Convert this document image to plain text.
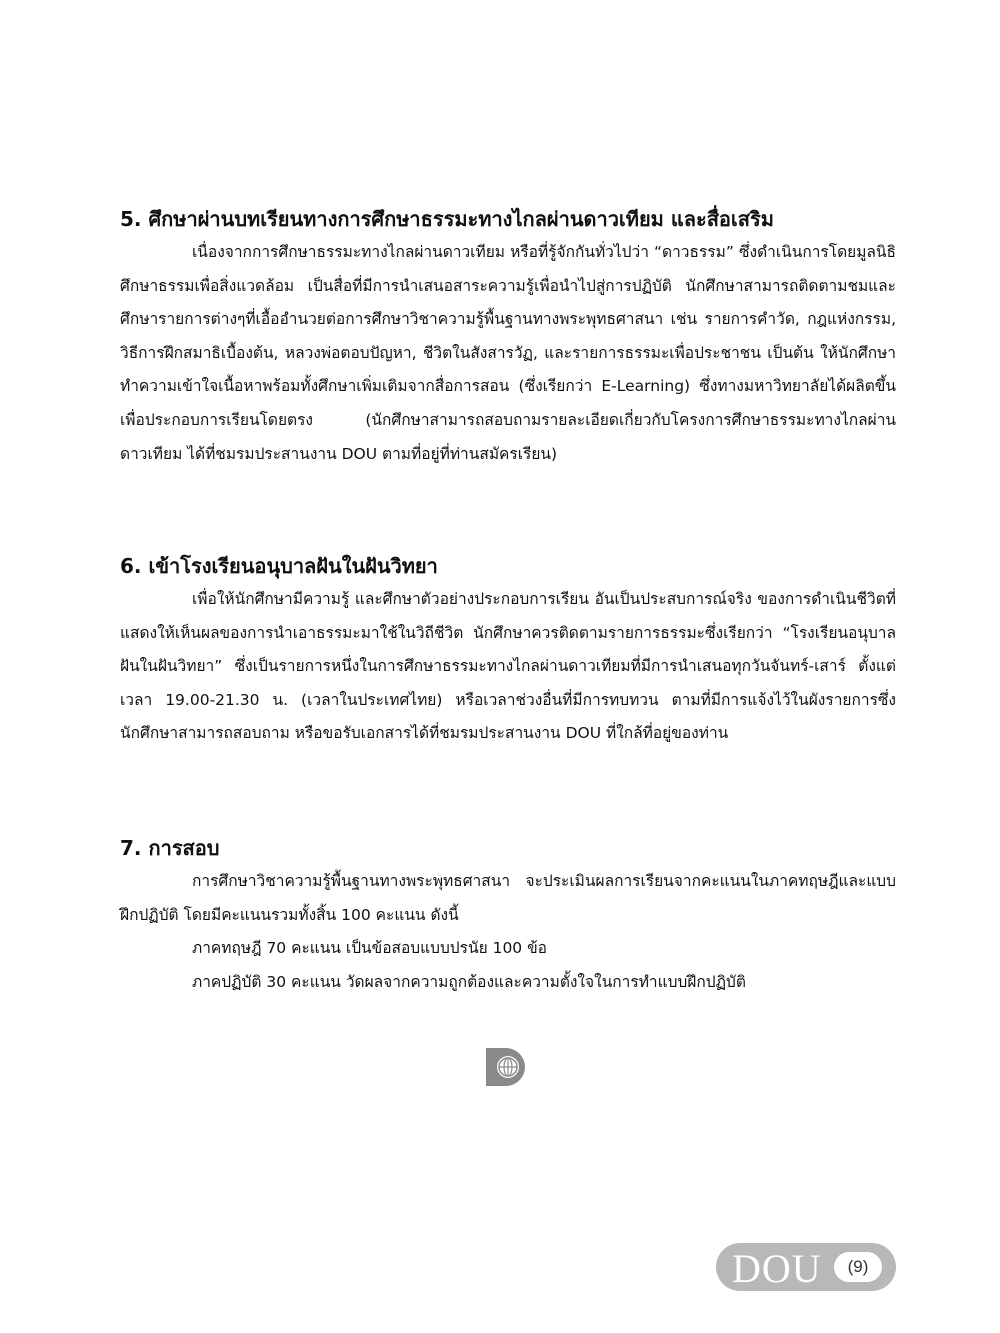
5. ศึกษาผ่านบทเรียนทางการศึกษาธรรมะทางไกลผ่านดาวเทียม และสื่อเสริม

เนื่องจากการศึกษาธรรมะทางไกลผ่านดาวเทียม หรือที่รู้จักกันทั่วไปว่า “ดาวธรรม” ซึ่งดำเนินการโดยมูลนิธิศึกษาธรรมเพื่อสิ่งแวดล้อม เป็นสื่อที่มีการนำเสนอสาระความรู้เพื่อนำไปสู่การปฏิบัติ นักศึกษาสามารถติดตามชมและศึกษารายการต่างๆที่เอื้ออำนวยต่อการศึกษาวิชาความรู้พื้นฐานทางพระพุทธศาสนา เช่น รายการคำวัด, กฎแห่งกรรม, วิธีการฝึกสมาธิเบื้องต้น, หลวงพ่อตอบปัญหา, ชีวิตในสังสารวัฏ, และรายการธรรมะเพื่อประชาชน เป็นต้น ให้นักศึกษาทำความเข้าใจเนื้อหาพร้อมทั้งศึกษาเพิ่มเติมจากสื่อการสอน (ซึ่งเรียกว่า E-Learning) ซึ่งทางมหาวิทยาลัยได้ผลิตขึ้นเพื่อประกอบการเรียนโดยตรง (นักศึกษาสามารถสอบถามรายละเอียดเกี่ยวกับโครงการศึกษาธรรมะทางไกลผ่านดาวเทียม ได้ที่ชมรมประสานงาน DOU ตามที่อยู่ที่ท่านสมัครเรียน)

6. เข้าโรงเรียนอนุบาลฝันในฝันวิทยา

เพื่อให้นักศึกษามีความรู้ และศึกษาตัวอย่างประกอบการเรียน อันเป็นประสบการณ์จริง ของการดำเนินชีวิตที่แสดงให้เห็นผลของการนำเอาธรรมะมาใช้ในวิถีชีวิต นักศึกษาควรติดตามรายการธรรมะซึ่งเรียกว่า “โรงเรียนอนุบาลฝันในฝันวิทยา” ซึ่งเป็นรายการหนึ่งในการศึกษาธรรมะทางไกลผ่านดาวเทียมที่มีการนำเสนอทุกวันจันทร์-เสาร์ ตั้งแต่เวลา 19.00-21.30 น. (เวลาในประเทศไทย) หรือเวลาช่วงอื่นที่มีการทบทวน ตามที่มีการแจ้งไว้ในผังรายการซึ่งนักศึกษาสามารถสอบถาม หรือขอรับเอกสารได้ที่ชมรมประสานงาน DOU ที่ใกล้ที่อยู่ของท่าน

7. การสอบ

การศึกษาวิชาความรู้พื้นฐานทางพระพุทธศาสนา จะประเมินผลการเรียนจากคะแนนในภาคทฤษฎีและแบบฝึกปฏิบัติ โดยมีคะแนนรวมทั้งสิ้น 100 คะแนน ดังนี้

ภาคทฤษฎี 70 คะแนน เป็นข้อสอบแบบปรนัย 100 ข้อ

ภาคปฏิบัติ 30 คะแนน วัดผลจากความถูกต้องและความตั้งใจในการทำแบบฝึกปฏิบัติ

DOU	(9)
